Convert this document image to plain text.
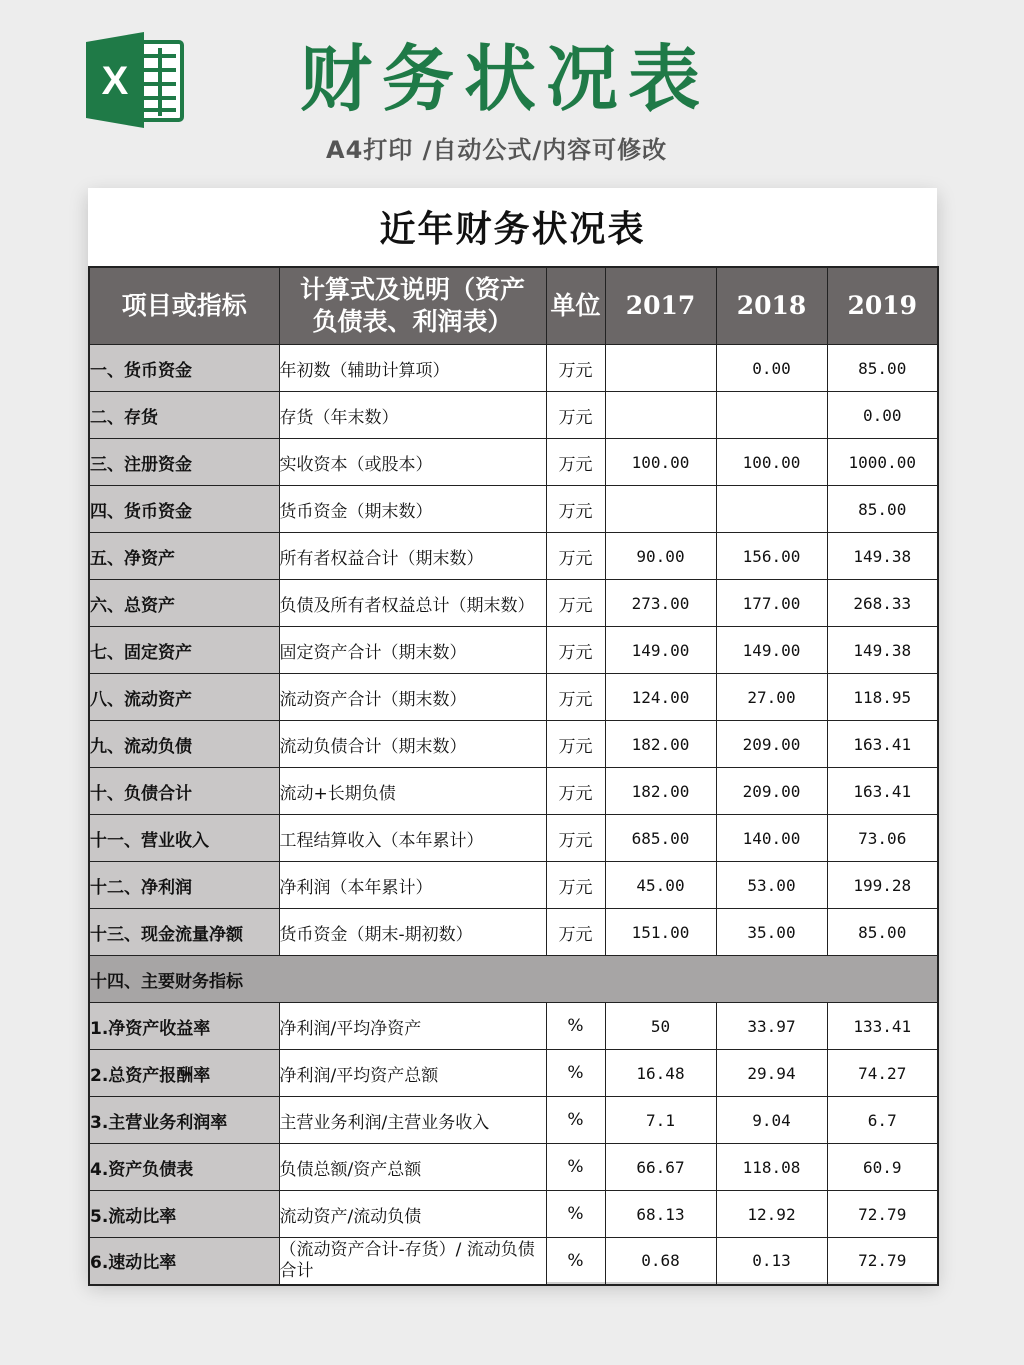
X 财务状况表
A4打印 /自动公式/内容可修改
近年财务状况表
项目或指标	计算式及说明（资产负债表、利润表）	单位	2017	2018	2019
一、货币资金	年初数（辅助计算项）	万元		0.00	85.00
二、存货	存货（年末数）	万元			0.00
三、注册资金	实收资本（或股本）	万元	100.00	100.00	1000.00
四、货币资金	货币资金（期末数）	万元			85.00
五、净资产	所有者权益合计（期末数）	万元	90.00	156.00	149.38
六、总资产	负债及所有者权益总计（期末数）	万元	273.00	177.00	268.33
七、固定资产	固定资产合计（期末数）	万元	149.00	149.00	149.38
八、流动资产	流动资产合计（期末数）	万元	124.00	27.00	118.95
九、流动负债	流动负债合计（期末数）	万元	182.00	209.00	163.41
十、负债合计	流动+长期负债	万元	182.00	209.00	163.41
十一、营业收入	工程结算收入（本年累计）	万元	685.00	140.00	73.06
十二、净利润	净利润（本年累计）	万元	45.00	53.00	199.28
十三、现金流量净额	货币资金（期末-期初数）	万元	151.00	35.00	85.00
十四、主要财务指标					
1.净资产收益率	净利润/平均净资产	%	50	33.97	133.41
2.总资产报酬率	净利润/平均资产总额	%	16.48	29.94	74.27
3.主营业务利润率	主营业务利润/主营业务收入	%	7.1	9.04	6.7
4.资产负债表	负债总额/资产总额	%	66.67	118.08	60.9
5.流动比率	流动资产/流动负债	%	68.13	12.92	72.79
6.速动比率	（流动资产合计-存货）/ 流动负债合计	%	0.68	0.13	72.79
